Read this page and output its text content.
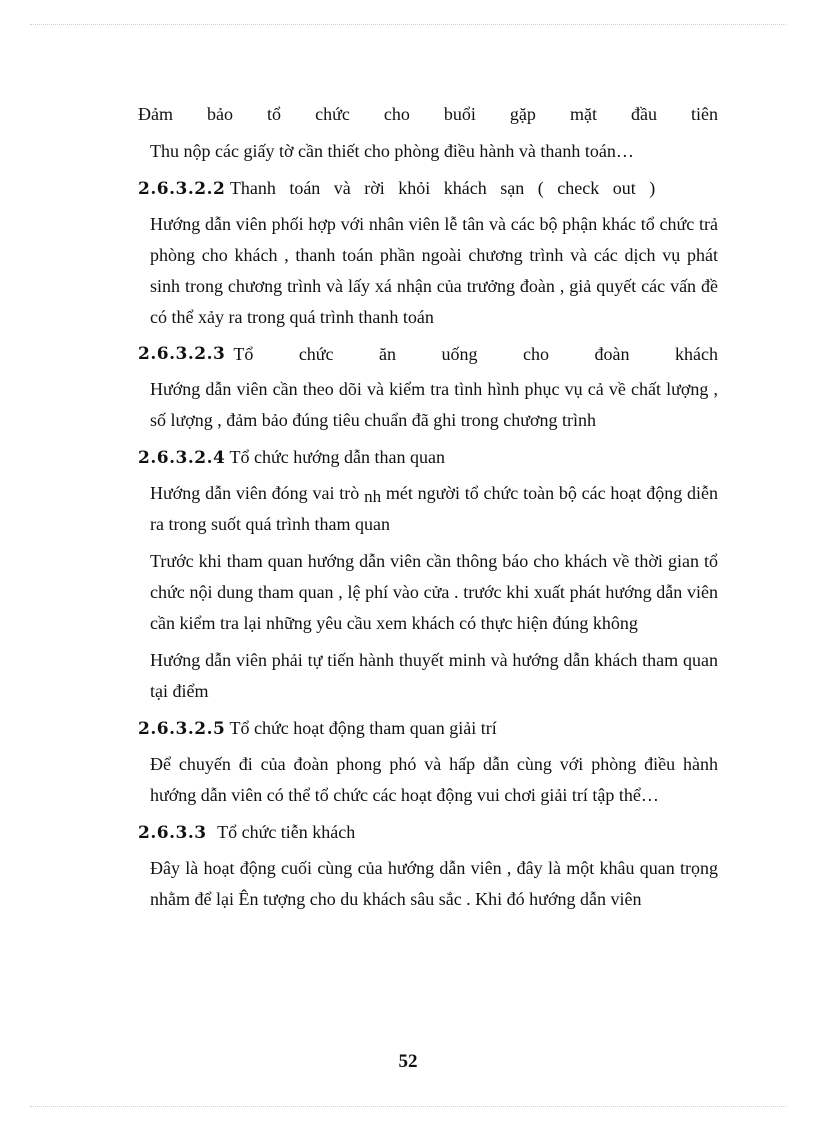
Đảm bảo tổ chức cho buổi gặp mặt đầu tiên

Thu nộp các giấy tờ cần thiết cho phòng điều hành và thanh toán…

2.6.3.2.2 Thanh toán và rời khỏi khách sạn ( check out )

Hướng dẫn viên phối hợp với nhân viên lễ tân và các bộ phận khác tổ chức trả phòng cho khách , thanh toán phần ngoài chương trình và các dịch vụ phát sinh trong chương trình và lấy xá nhận của trưởng đoàn , giả quyết các vấn đề có thể xảy ra trong quá trình thanh toán

2.6.3.2.3 Tổ	chức	ăn	uống	cho	đoàn	khách

Hướng dẫn viên cần theo dõi và kiểm tra tình hình phục vụ cả về chất lượng , số lượng , đảm bảo đúng tiêu chuẩn đã ghi trong chương trình

2.6.3.2.4 Tổ chức hướng dẫn than quan

Hướng dẫn viên đóng vai trò nh mét người tổ chức toàn bộ các hoạt động diễn ra trong suốt quá trình tham quan

Trước khi tham quan hướng dẫn viên cần thông báo cho khách về thời gian tổ chức nội dung tham quan , lệ phí vào cửa . trước khi xuất phát hướng dẫn viên cần kiểm tra lại những yêu cầu xem khách có thực hiện đúng không

Hướng dẫn viên phải tự tiến hành thuyết minh và hướng dẫn khách tham quan tại điểm

2.6.3.2.5 Tổ chức hoạt động tham quan giải trí

Để chuyến đi của đoàn phong phó và hấp dẫn cùng với phòng điều hành hướng dẫn viên có thể tổ chức các hoạt động vui chơi giải trí tập thể…

2.6.3.3 Tổ chức tiễn khách

Đây là hoạt động cuối cùng của hướng dẫn viên , đây là một khâu quan trọng nhằm để lại Ên tượng cho du khách sâu sắc . Khi đó hướng dẫn viên

52
